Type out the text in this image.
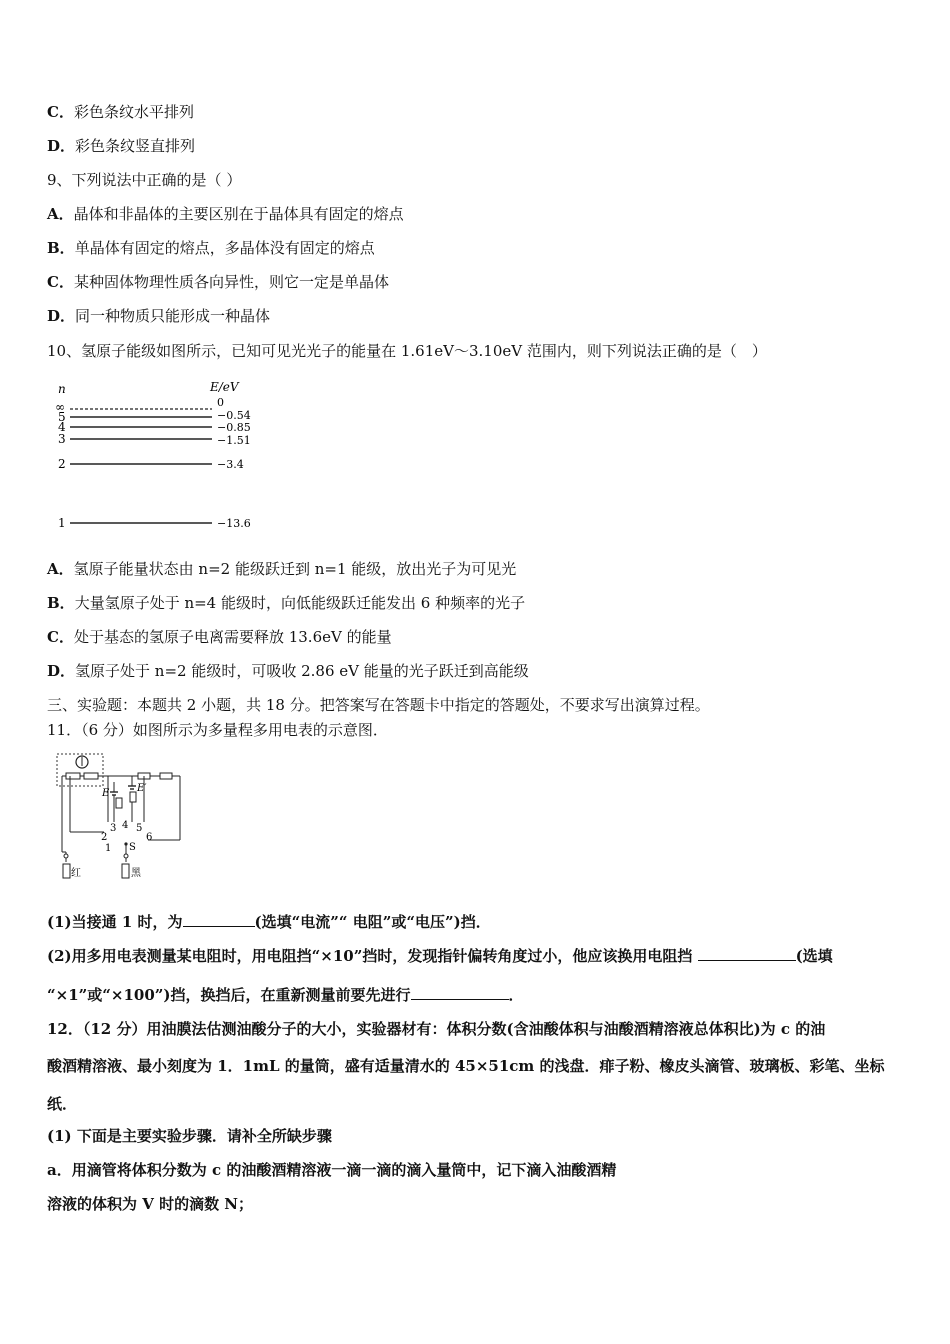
C．彩色条纹水平排列
D．彩色条纹竖直排列
9、下列说法中正确的是（ ）
A．晶体和非晶体的主要区别在于晶体具有固定的熔点
B．单晶体有固定的熔点，多晶体没有固定的熔点
C．某种固体物理性质各向异性，则它一定是单晶体
D．同一种物质只能形成一种晶体
10、氢原子能级如图所示，已知可见光光子的能量在 1.61eV～3.10eV 范围内，则下列说法正确的是（　）
n	E/eV
∞	0
5	−0.54
4	−0.85
3	−1.51
2	−3.4
1	−13.6
A．氢原子能量状态由 n=2 能级跃迁到 n=1 能级，放出光子为可见光
B．大量氢原子处于 n=4 能级时，向低能级跃迁能发出 6 种频率的光子
C．处于基态的氢原子电离需要释放 13.6eV 的能量
D．氢原子处于 n=2 能级时，可吸收 2.86 eV 能量的光子跃迁到高能级
三、实验题：本题共 2 小题，共 18 分。把答案写在答题卡中指定的答题处，不要求写出演算过程。
11．（6 分）如图所示为多量程多用电表的示意图．
红
E	E′
1
2
3 4 5
6
S
黑
(1)当接通 1 时，为	(选填“电流”“ 电阻”或“电压”)挡．
(2)用多用电表测量某电阻时，用电阻挡“×10”挡时，发现指针偏转角度过小，他应该换用电阻挡	(选填
“×1”或“×100”)挡，换挡后，在重新测量前要先进行	．
12．（12 分）用油膜法估测油酸分子的大小，实验器材有：体积分数(含油酸体积与油酸酒精溶液总体积比)为 c 的油
酸酒精溶液、最小刻度为 1．1mL 的量筒，盛有适量清水的 45×51cm 的浅盘．痱子粉、橡皮头滴管、玻璃板、彩笔、坐标
纸．
(1) 下面是主要实验步骤．请补全所缺步骤
a．用滴管将体积分数为 c 的油酸酒精溶液一滴一滴的滴入量筒中，记下滴入油酸酒精
溶液的体积为 V 时的滴数 N；
